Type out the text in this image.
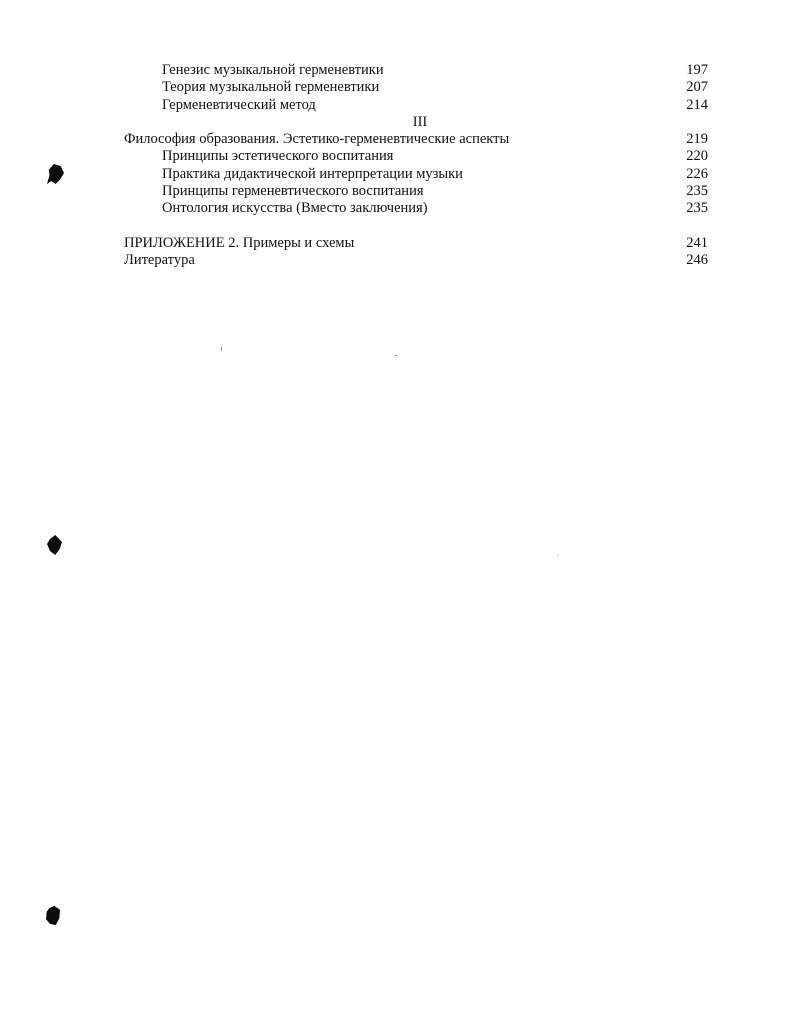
Генезис музыкальной герменевтики	197
Теория музыкальной герменевтики	207
Герменевтический метод	214
III
Философия образования. Эстетико-герменевтические аспекты	219
Принципы эстетического воспитания	220
Практика дидактической интерпретации музыки	226
Принципы герменевтического воспитания	235
Онтология искусства (Вместо заключения)	235
ПРИЛОЖЕНИЕ 2. Примеры и схемы	241
Литература	246
